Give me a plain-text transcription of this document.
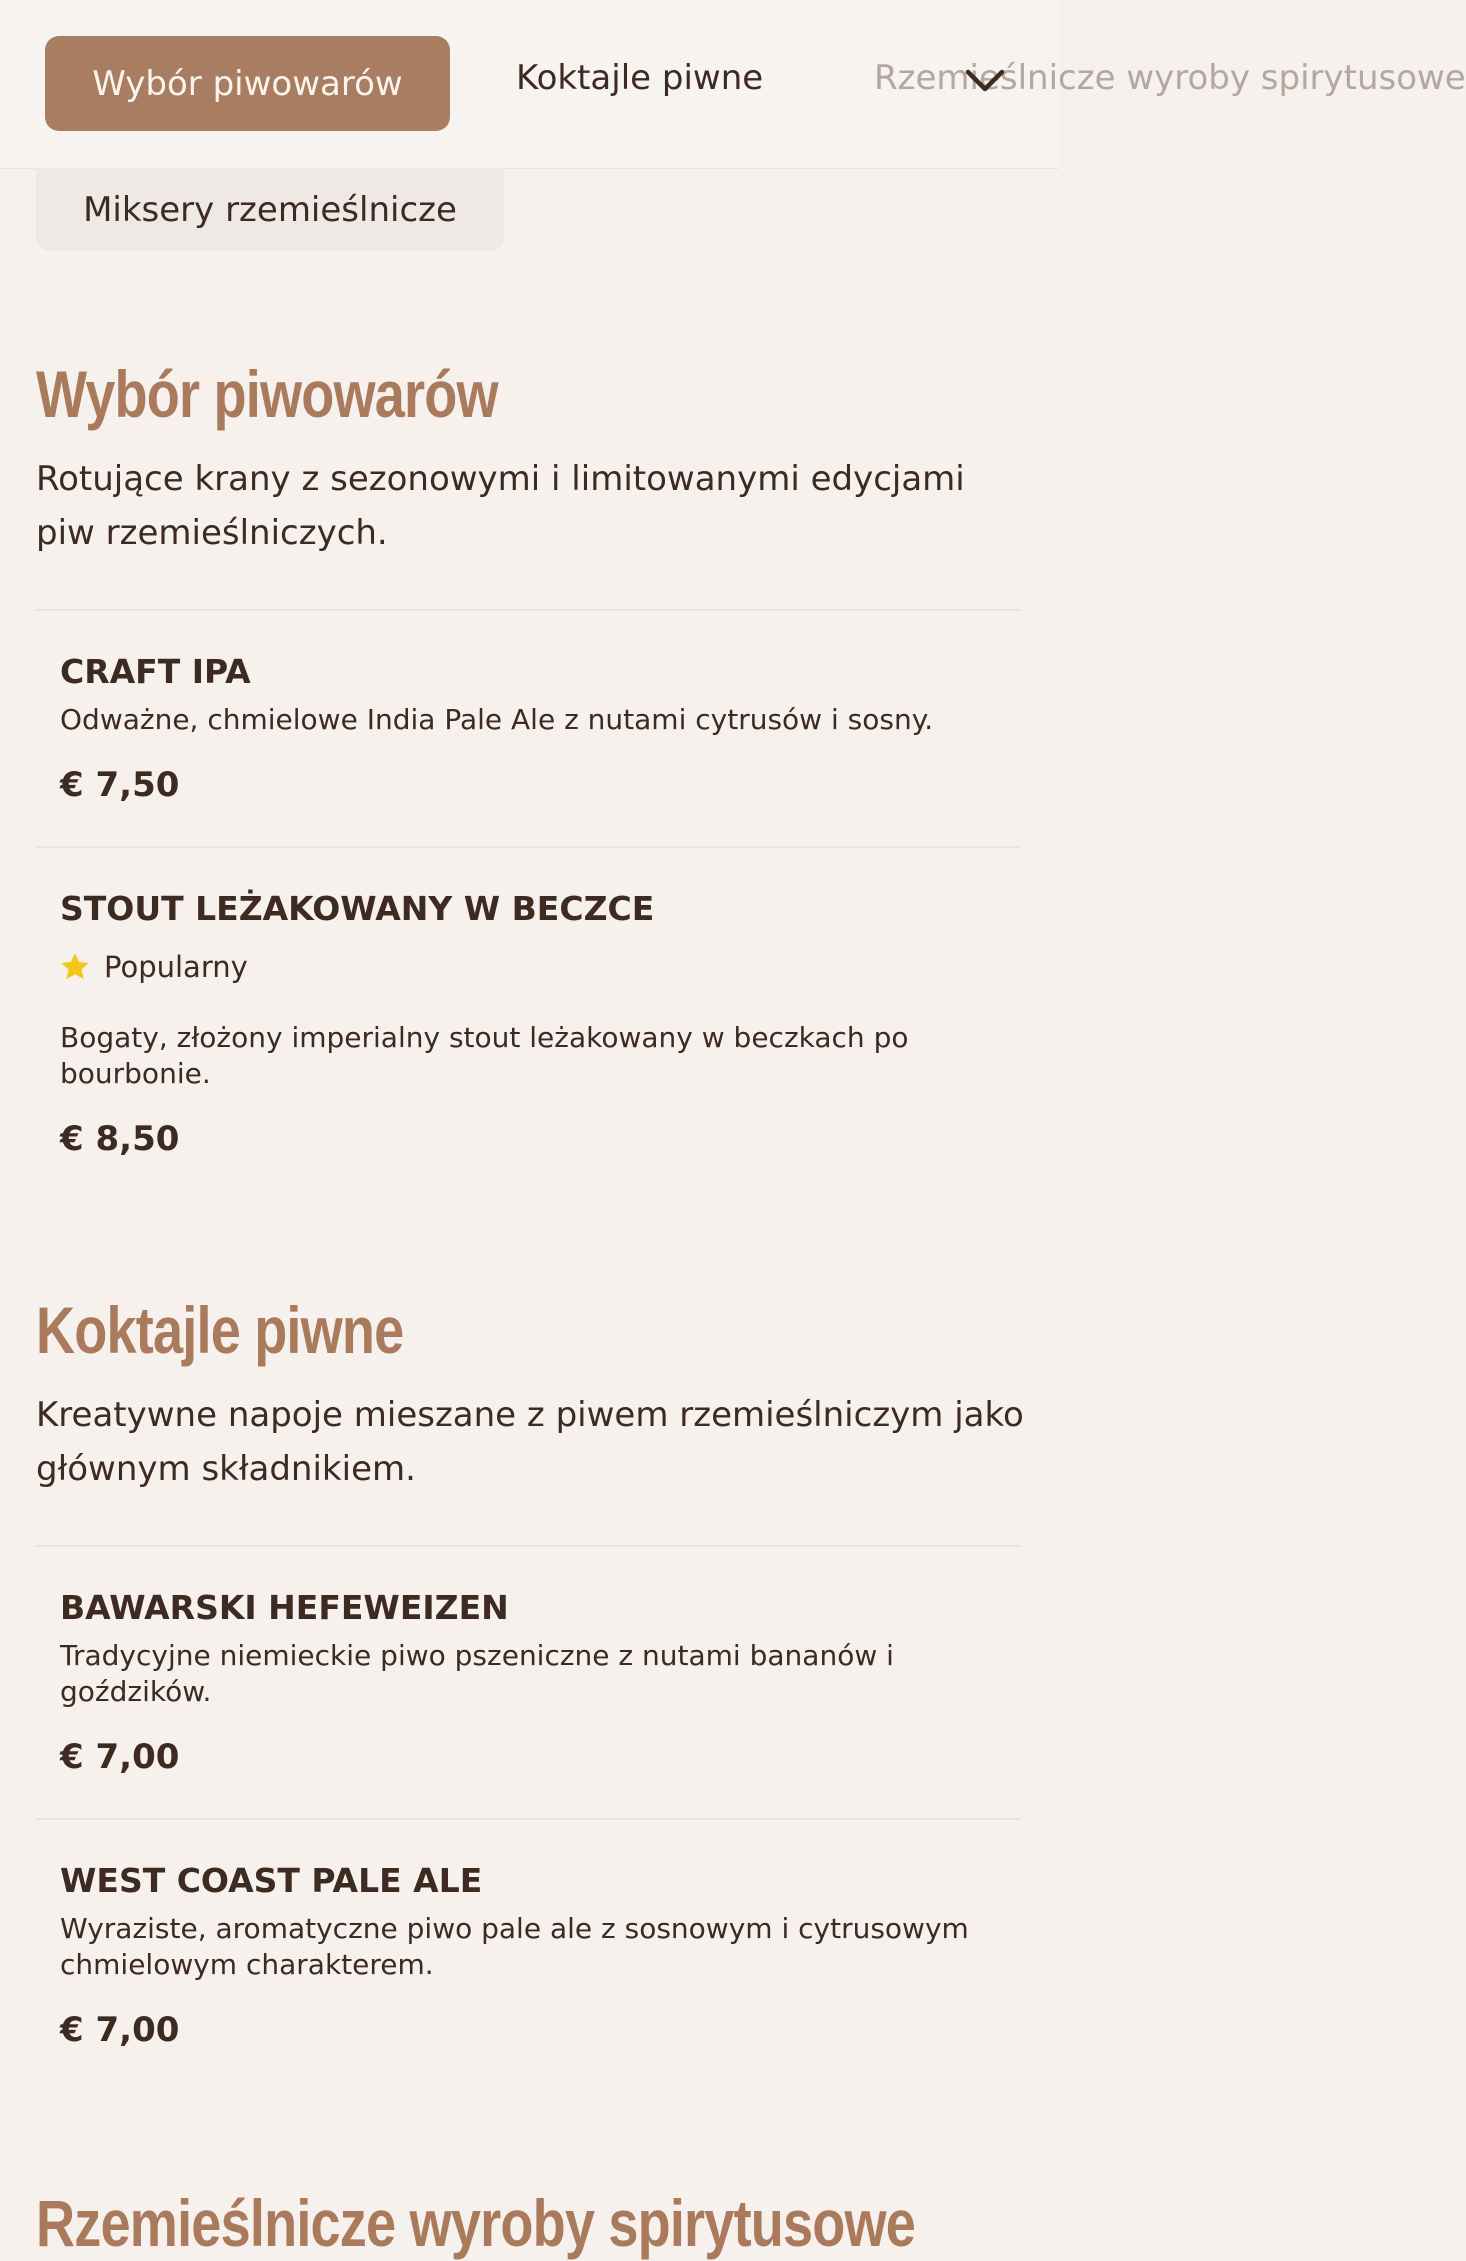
Wybór piwowarów	Koktajle piwne	Rzemieślnicze wyroby spirytusowe
Miksery rzemieślnicze
Wybór piwowarów

Rotujące krany z sezonowymi i limitowanymi edycjami piw rzemieślniczych.

CRAFT IPA

Odważne, chmielowe India Pale Ale z nutami cytrusów i sosny.

€ 7,50

STOUT LEŻAKOWANY W BECZCE

Popularny

Bogaty, złożony imperialny stout leżakowany w beczkach po bourbonie.

€ 8,50

Koktajle piwne

Kreatywne napoje mieszane z piwem rzemieślniczym jako głównym składnikiem.

BAWARSKI HEFEWEIZEN

Tradycyjne niemieckie piwo pszeniczne z nutami bananów i goździków.

€ 7,00

WEST COAST PALE ALE

Wyraziste, aromatyczne piwo pale ale z sosnowym i cytrusowym chmielowym charakterem.

€ 7,00

Rzemieślnicze wyroby spirytusowe
